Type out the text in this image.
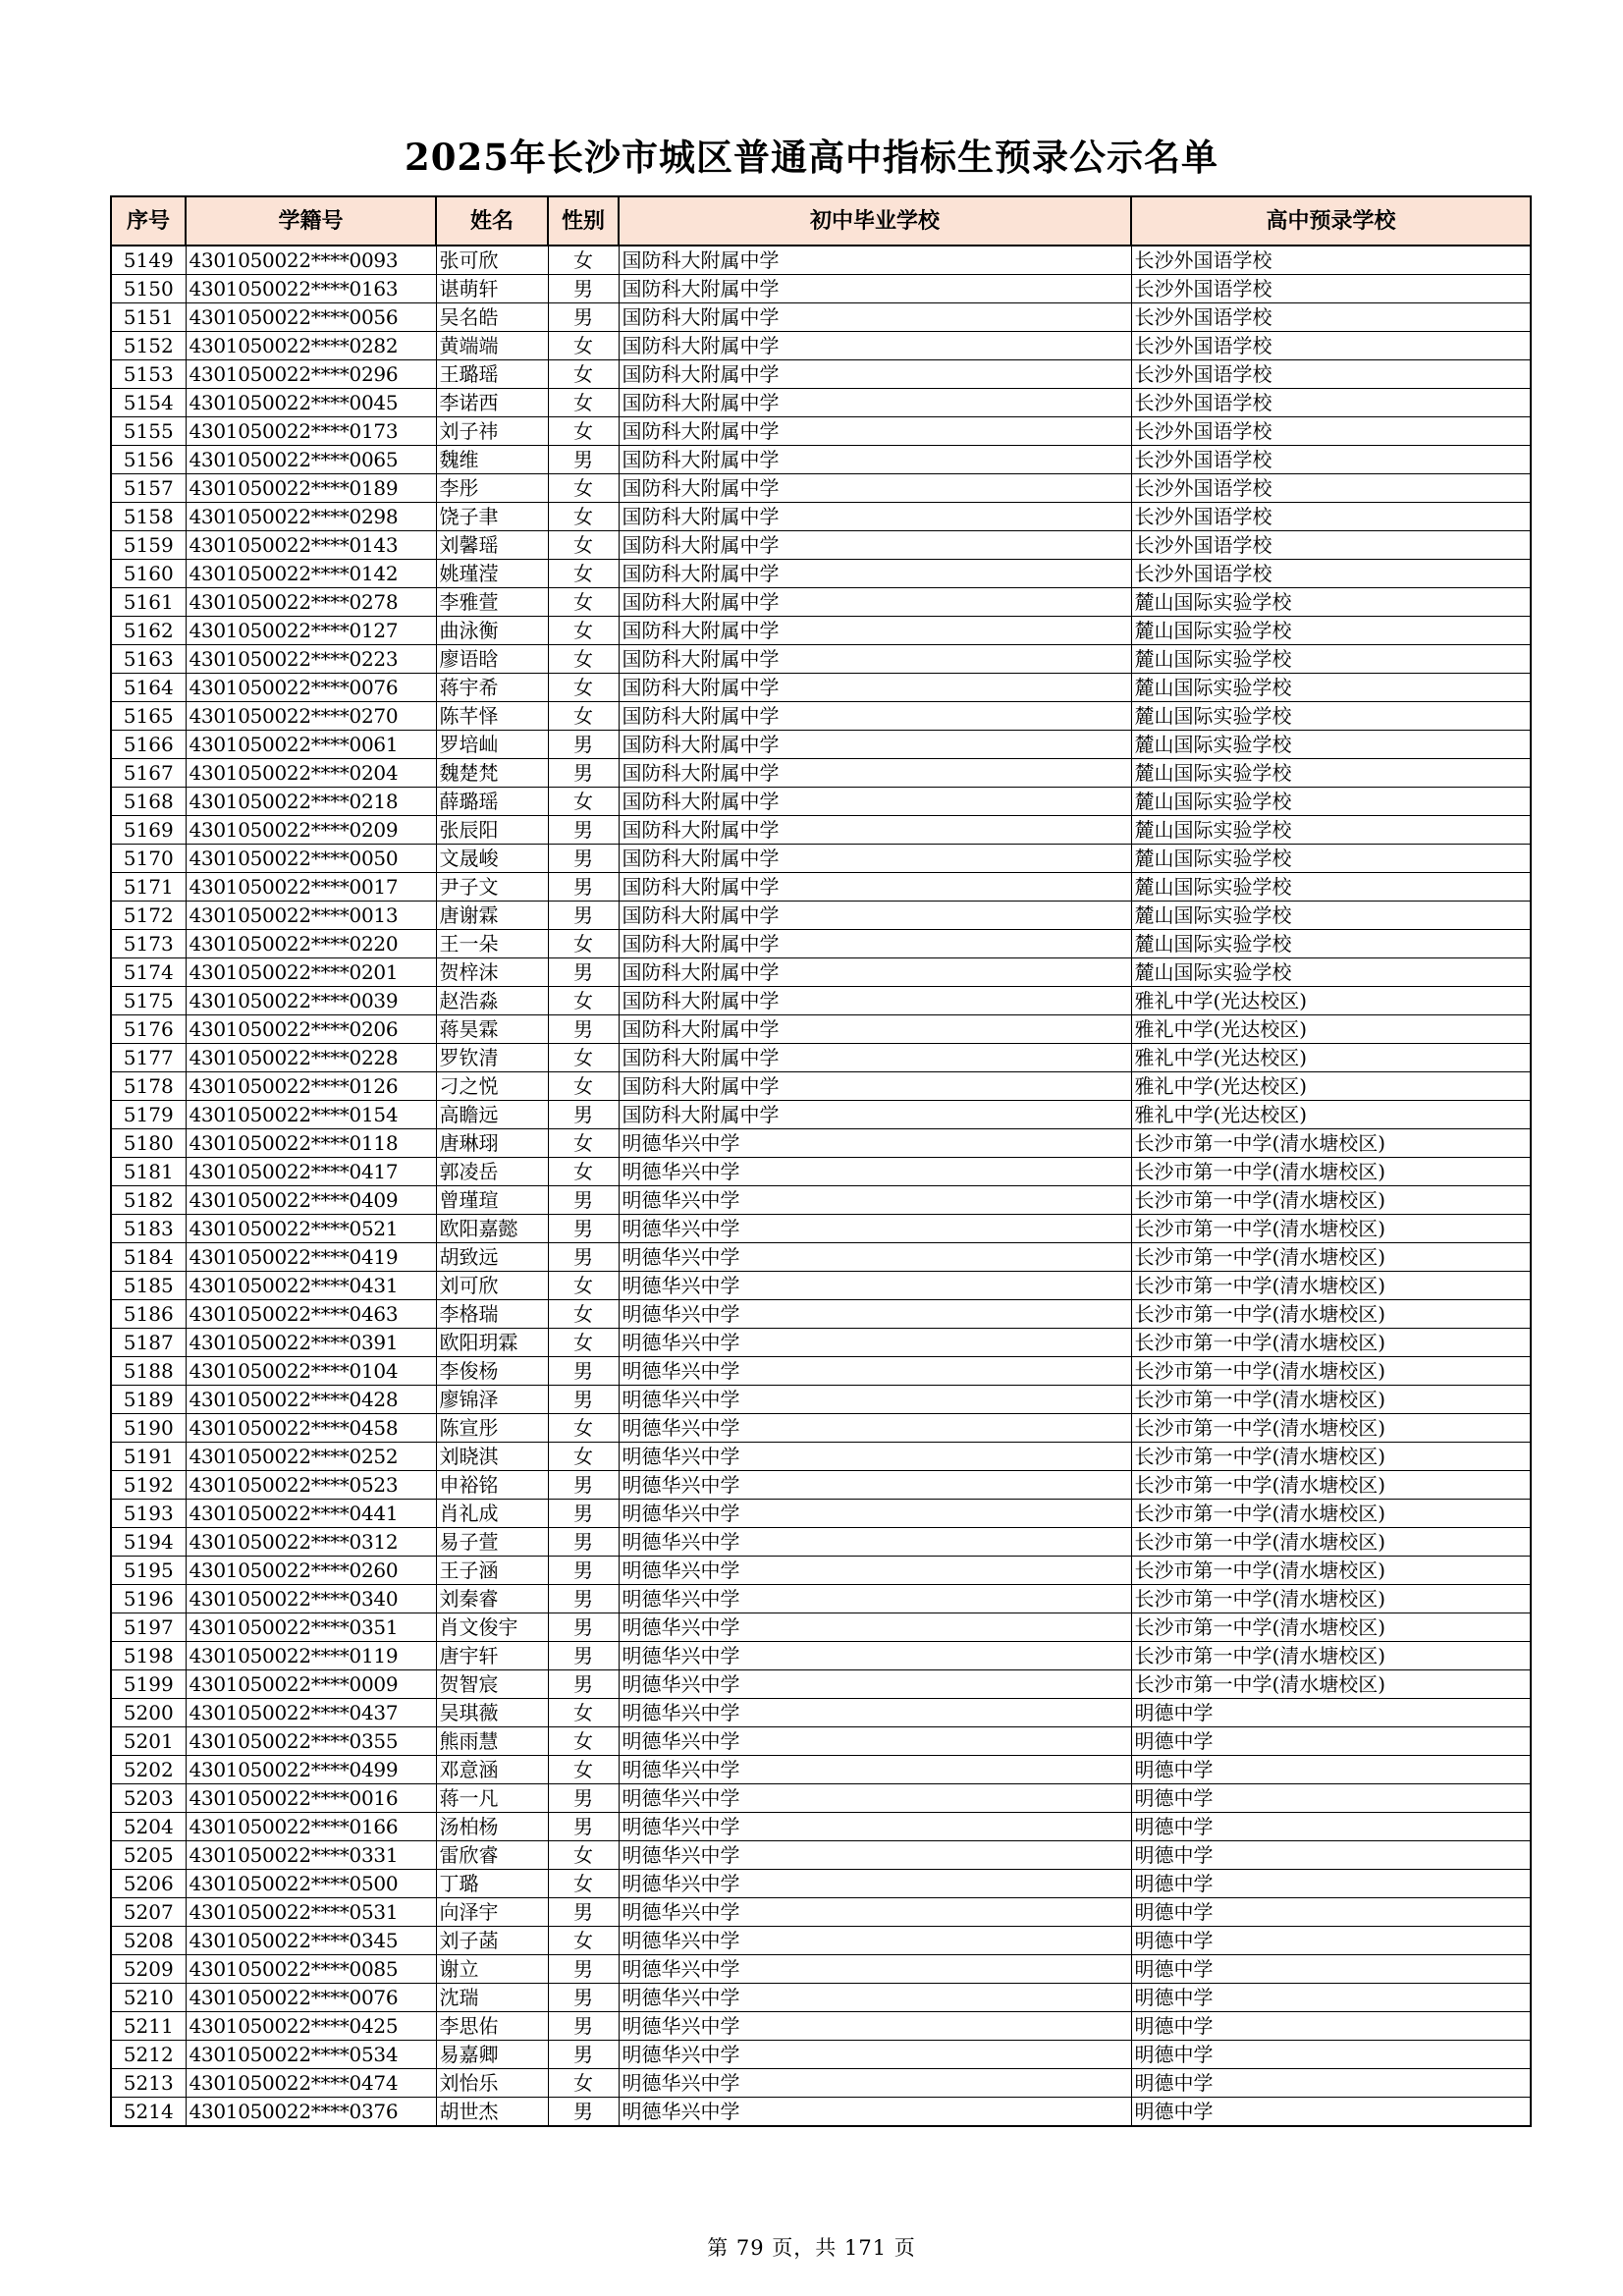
2025年长沙市城区普通高中指标生预录公示名单
序号	学籍号	姓名	性别	初中毕业学校	高中预录学校
5149	4301050022****0093	张可欣	女	国防科大附属中学	长沙外国语学校
5150	4301050022****0163	谌萌轩	男	国防科大附属中学	长沙外国语学校
5151	4301050022****0056	吴名皓	男	国防科大附属中学	长沙外国语学校
5152	4301050022****0282	黄端端	女	国防科大附属中学	长沙外国语学校
5153	4301050022****0296	王璐瑶	女	国防科大附属中学	长沙外国语学校
5154	4301050022****0045	李诺西	女	国防科大附属中学	长沙外国语学校
5155	4301050022****0173	刘子祎	女	国防科大附属中学	长沙外国语学校
5156	4301050022****0065	魏维	男	国防科大附属中学	长沙外国语学校
5157	4301050022****0189	李彤	女	国防科大附属中学	长沙外国语学校
5158	4301050022****0298	饶子聿	女	国防科大附属中学	长沙外国语学校
5159	4301050022****0143	刘馨瑶	女	国防科大附属中学	长沙外国语学校
5160	4301050022****0142	姚瑾滢	女	国防科大附属中学	长沙外国语学校
5161	4301050022****0278	李雅萱	女	国防科大附属中学	麓山国际实验学校
5162	4301050022****0127	曲泳衡	女	国防科大附属中学	麓山国际实验学校
5163	4301050022****0223	廖语晗	女	国防科大附属中学	麓山国际实验学校
5164	4301050022****0076	蒋宇希	女	国防科大附属中学	麓山国际实验学校
5165	4301050022****0270	陈芊怿	女	国防科大附属中学	麓山国际实验学校
5166	4301050022****0061	罗培屾	男	国防科大附属中学	麓山国际实验学校
5167	4301050022****0204	魏楚梵	男	国防科大附属中学	麓山国际实验学校
5168	4301050022****0218	薛璐瑶	女	国防科大附属中学	麓山国际实验学校
5169	4301050022****0209	张辰阳	男	国防科大附属中学	麓山国际实验学校
5170	4301050022****0050	文晟峻	男	国防科大附属中学	麓山国际实验学校
5171	4301050022****0017	尹子文	男	国防科大附属中学	麓山国际实验学校
5172	4301050022****0013	唐谢霖	男	国防科大附属中学	麓山国际实验学校
5173	4301050022****0220	王一朵	女	国防科大附属中学	麓山国际实验学校
5174	4301050022****0201	贺梓沫	男	国防科大附属中学	麓山国际实验学校
5175	4301050022****0039	赵浩淼	女	国防科大附属中学	雅礼中学(光达校区)
5176	4301050022****0206	蒋昊霖	男	国防科大附属中学	雅礼中学(光达校区)
5177	4301050022****0228	罗钦清	女	国防科大附属中学	雅礼中学(光达校区)
5178	4301050022****0126	刁之悦	女	国防科大附属中学	雅礼中学(光达校区)
5179	4301050022****0154	高瞻远	男	国防科大附属中学	雅礼中学(光达校区)
5180	4301050022****0118	唐琳珝	女	明德华兴中学	长沙市第一中学(清水塘校区)
5181	4301050022****0417	郭凌岳	女	明德华兴中学	长沙市第一中学(清水塘校区)
5182	4301050022****0409	曾瑾瑄	男	明德华兴中学	长沙市第一中学(清水塘校区)
5183	4301050022****0521	欧阳嘉懿	男	明德华兴中学	长沙市第一中学(清水塘校区)
5184	4301050022****0419	胡致远	男	明德华兴中学	长沙市第一中学(清水塘校区)
5185	4301050022****0431	刘可欣	女	明德华兴中学	长沙市第一中学(清水塘校区)
5186	4301050022****0463	李格瑞	女	明德华兴中学	长沙市第一中学(清水塘校区)
5187	4301050022****0391	欧阳玥霖	女	明德华兴中学	长沙市第一中学(清水塘校区)
5188	4301050022****0104	李俊杨	男	明德华兴中学	长沙市第一中学(清水塘校区)
5189	4301050022****0428	廖锦泽	男	明德华兴中学	长沙市第一中学(清水塘校区)
5190	4301050022****0458	陈宣彤	女	明德华兴中学	长沙市第一中学(清水塘校区)
5191	4301050022****0252	刘晓淇	女	明德华兴中学	长沙市第一中学(清水塘校区)
5192	4301050022****0523	申裕铭	男	明德华兴中学	长沙市第一中学(清水塘校区)
5193	4301050022****0441	肖礼成	男	明德华兴中学	长沙市第一中学(清水塘校区)
5194	4301050022****0312	易子萱	男	明德华兴中学	长沙市第一中学(清水塘校区)
5195	4301050022****0260	王子涵	男	明德华兴中学	长沙市第一中学(清水塘校区)
5196	4301050022****0340	刘秦睿	男	明德华兴中学	长沙市第一中学(清水塘校区)
5197	4301050022****0351	肖文俊宇	男	明德华兴中学	长沙市第一中学(清水塘校区)
5198	4301050022****0119	唐宇轩	男	明德华兴中学	长沙市第一中学(清水塘校区)
5199	4301050022****0009	贺智宸	男	明德华兴中学	长沙市第一中学(清水塘校区)
5200	4301050022****0437	吴琪薇	女	明德华兴中学	明德中学
5201	4301050022****0355	熊雨慧	女	明德华兴中学	明德中学
5202	4301050022****0499	邓意涵	女	明德华兴中学	明德中学
5203	4301050022****0016	蒋一凡	男	明德华兴中学	明德中学
5204	4301050022****0166	汤柏杨	男	明德华兴中学	明德中学
5205	4301050022****0331	雷欣睿	女	明德华兴中学	明德中学
5206	4301050022****0500	丁璐	女	明德华兴中学	明德中学
5207	4301050022****0531	向泽宇	男	明德华兴中学	明德中学
5208	4301050022****0345	刘子菡	女	明德华兴中学	明德中学
5209	4301050022****0085	谢立	男	明德华兴中学	明德中学
5210	4301050022****0076	沈瑞	男	明德华兴中学	明德中学
5211	4301050022****0425	李思佑	男	明德华兴中学	明德中学
5212	4301050022****0534	易嘉卿	男	明德华兴中学	明德中学
5213	4301050022****0474	刘怡乐	女	明德华兴中学	明德中学
5214	4301050022****0376	胡世杰	男	明德华兴中学	明德中学
第 79 页，共 171 页
